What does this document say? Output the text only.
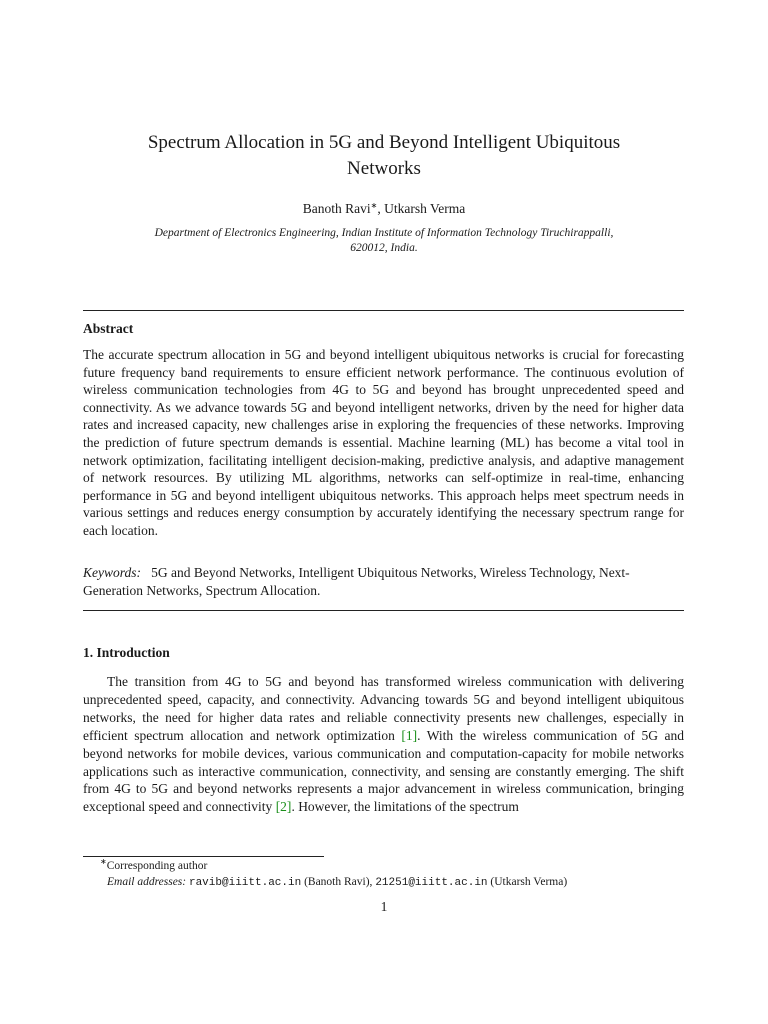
Spectrum Allocation in 5G and Beyond Intelligent Ubiquitous
Networks
Banoth Ravi∗, Utkarsh Verma
Department of Electronics Engineering, Indian Institute of Information Technology Tiruchirappalli,
620012, India.
Abstract

The accurate spectrum allocation in 5G and beyond intelligent ubiquitous networks is crucial for forecasting future frequency band requirements to ensure efficient network performance. The continuous evolution of wireless communication technologies from 4G to 5G and beyond has brought unprecedented speed and connectivity. As we advance towards 5G and beyond intelligent networks, driven by the need for higher data rates and increased capacity, new challenges arise in exploring the frequencies of these networks. Improving the prediction of future spectrum demands is essential. Machine learning (ML) has become a vital tool in network optimization, facilitating intelligent decision-making, predictive analysis, and adaptive management of network resources. By utilizing ML algorithms, networks can self-optimize in real-time, enhancing performance in 5G and beyond intelligent ubiquitous networks. This approach helps meet spectrum needs in various settings and reduces energy consumption by accurately identifying the necessary spectrum range for each location.

Keywords: 5G and Beyond Networks, Intelligent Ubiquitous Networks, Wireless Technology, Next-Generation Networks, Spectrum Allocation.

1. Introduction

The transition from 4G to 5G and beyond has transformed wireless communication with delivering unprecedented speed, capacity, and connectivity. Advancing towards 5G and beyond intelligent ubiquitous networks, the need for higher data rates and reliable connectivity presents new challenges, especially in efficient spectrum allocation and network optimization [1]. With the wireless communication of 5G and beyond networks for mobile devices, various communication and computation-capacity for mobile networks applications such as interactive communication, connectivity, and sensing are constantly emerging. The shift from 4G to 5G and beyond networks represents a major advancement in wireless communication, bringing exceptional speed and connectivity [2]. However, the limitations of the spectrum

∗Corresponding author
Email addresses: ravib@iiitt.ac.in (Banoth Ravi), 21251@iiitt.ac.in (Utkarsh Verma)
1
